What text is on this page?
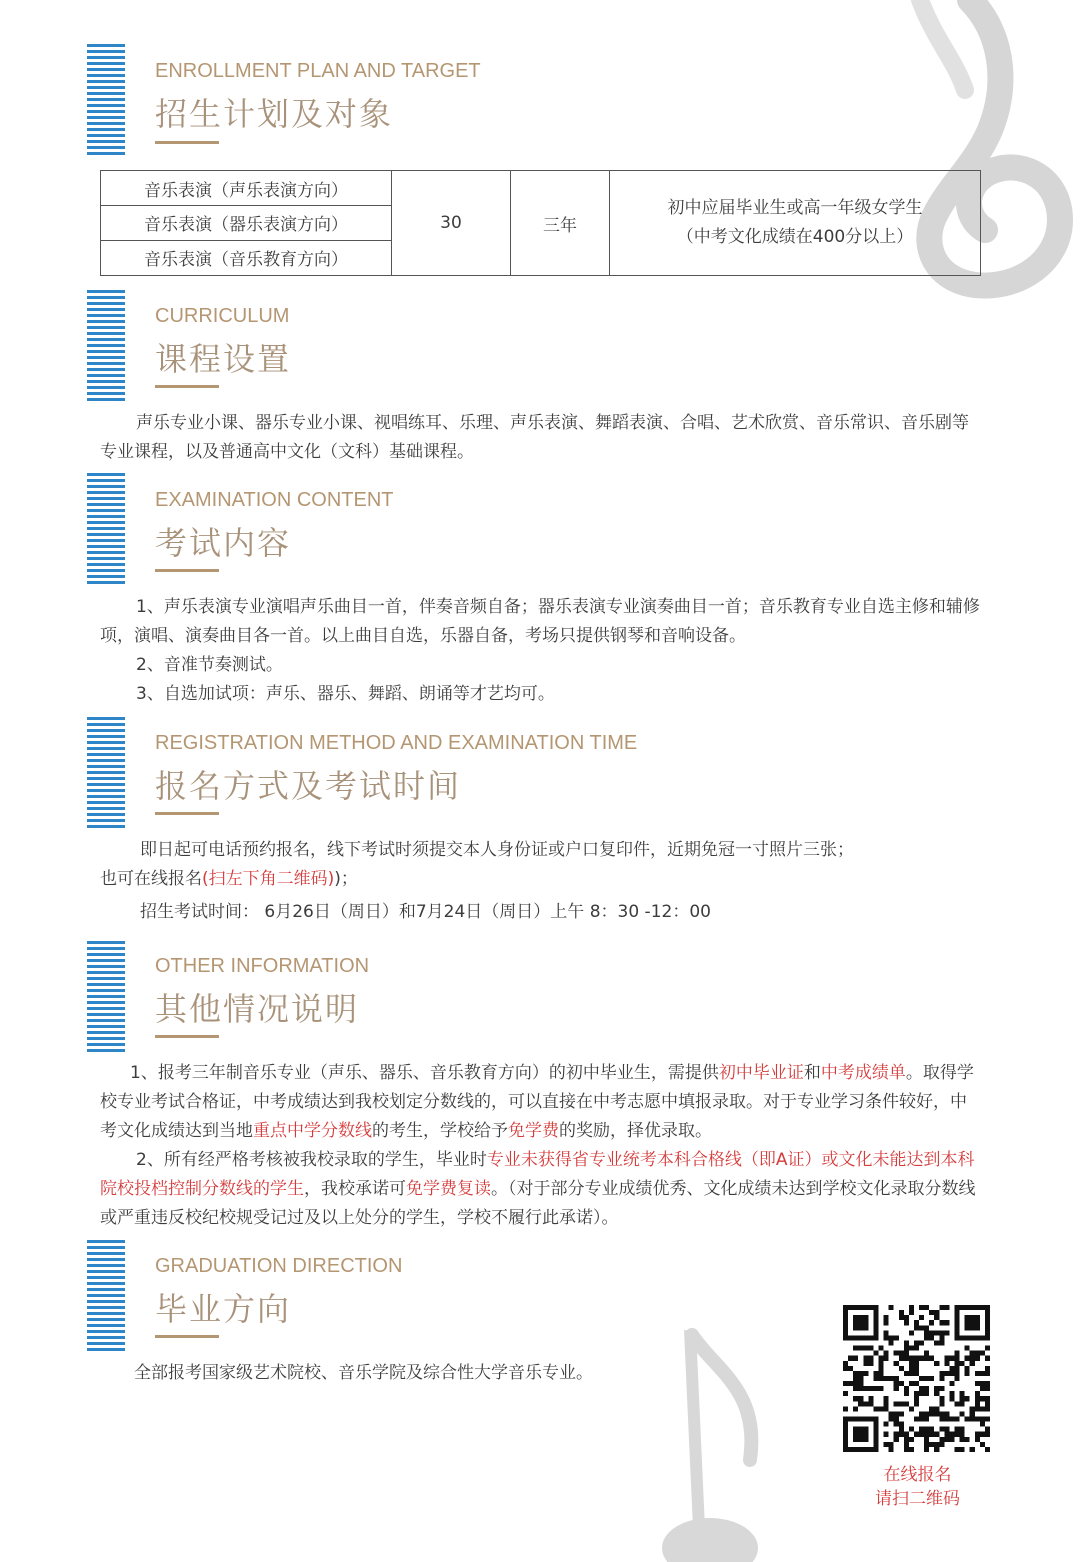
ENROLLMENT PLAN AND TARGET
招生计划及对象
音乐表演（声乐表演方向）	30	三年	
初中应届毕业生或高一年级女学生
（中考文化成绩在400分以上）

音乐表演（器乐表演方向）
音乐表演（音乐教育方向）
CURRICULUM
课程设置

声乐专业小课、器乐专业小课、视唱练耳、乐理、声乐表演、舞蹈表演、合唱、艺术欣赏、音乐常识、音乐剧等专业课程，以及普通高中文化（文科）基础课程。

EXAMINATION CONTENT
考试内容

1、声乐表演专业演唱声乐曲目一首，伴奏音频自备；器乐表演专业演奏曲目一首；音乐教育专业自选主修和辅修项，演唱、演奏曲目各一首。以上曲目自选，乐器自备，考场只提供钢琴和音响设备。

2、音准节奏测试。

3、自选加试项：声乐、器乐、舞蹈、朗诵等才艺均可。

REGISTRATION METHOD AND EXAMINATION TIME
报名方式及考试时间

即日起可电话预约报名，线下考试时须提交本人身份证或户口复印件，近期免冠一寸照片三张；

也可在线报名(扫左下角二维码))；

招生考试时间： 6月26日（周日）和7月24日（周日）上午 8：30 -12：00

OTHER INFORMATION
其他情况说明

1、报考三年制音乐专业（声乐、器乐、音乐教育方向）的初中毕业生，需提供初中毕业证和中考成绩单。取得学校专业考试合格证，中考成绩达到我校划定分数线的，可以直接在中考志愿中填报录取。对于专业学习条件较好，中考文化成绩达到当地重点中学分数线的考生，学校给予免学费的奖励，择优录取。

2、所有经严格考核被我校录取的学生，毕业时专业未获得省专业统考本科合格线（即A证）或文化未能达到本科院校投档控制分数线的学生，我校承诺可免学费复读。（对于部分专业成绩优秀、文化成绩未达到学校文化录取分数线或严重违反校纪校规受记过及以上处分的学生，学校不履行此承诺）。

GRADUATION DIRECTION
毕业方向

全部报考国家级艺术院校、音乐学院及综合性大学音乐专业。

在线报名
请扫二维码
